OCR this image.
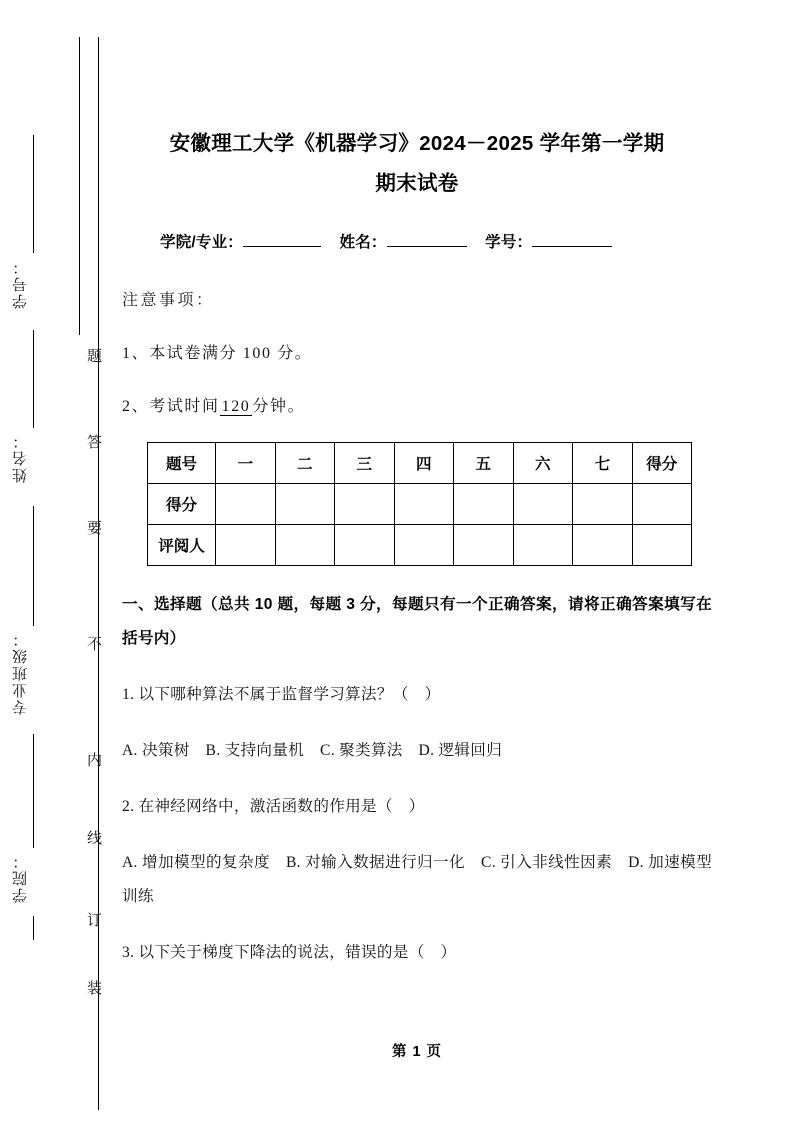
题
答
要
不
内
线
订
装
学号：
姓名：
专业班级：
学院：
安徽理工大学《机器学习》2024－2025 学年第一学期
期末试卷
学院/专业：	姓名：	学号：
注意事项：
1、本试卷满分 100 分。
2、考试时间 120 分钟。
题号	一	二	三	四	五	六	七	得分
得分								
评阅人								
一、选择题（总共 10 题，每题 3 分，每题只有一个正确答案，请将正确答案填写在括号内）
1. 以下哪种算法不属于监督学习算法？（　）
A. 决策树　B. 支持向量机　C. 聚类算法　D. 逻辑回归
2. 在神经网络中，激活函数的作用是（　）
A. 增加模型的复杂度　B. 对输入数据进行归一化　C. 引入非线性因素　D. 加速模型训练
3. 以下关于梯度下降法的说法，错误的是（　）
第 1 页
